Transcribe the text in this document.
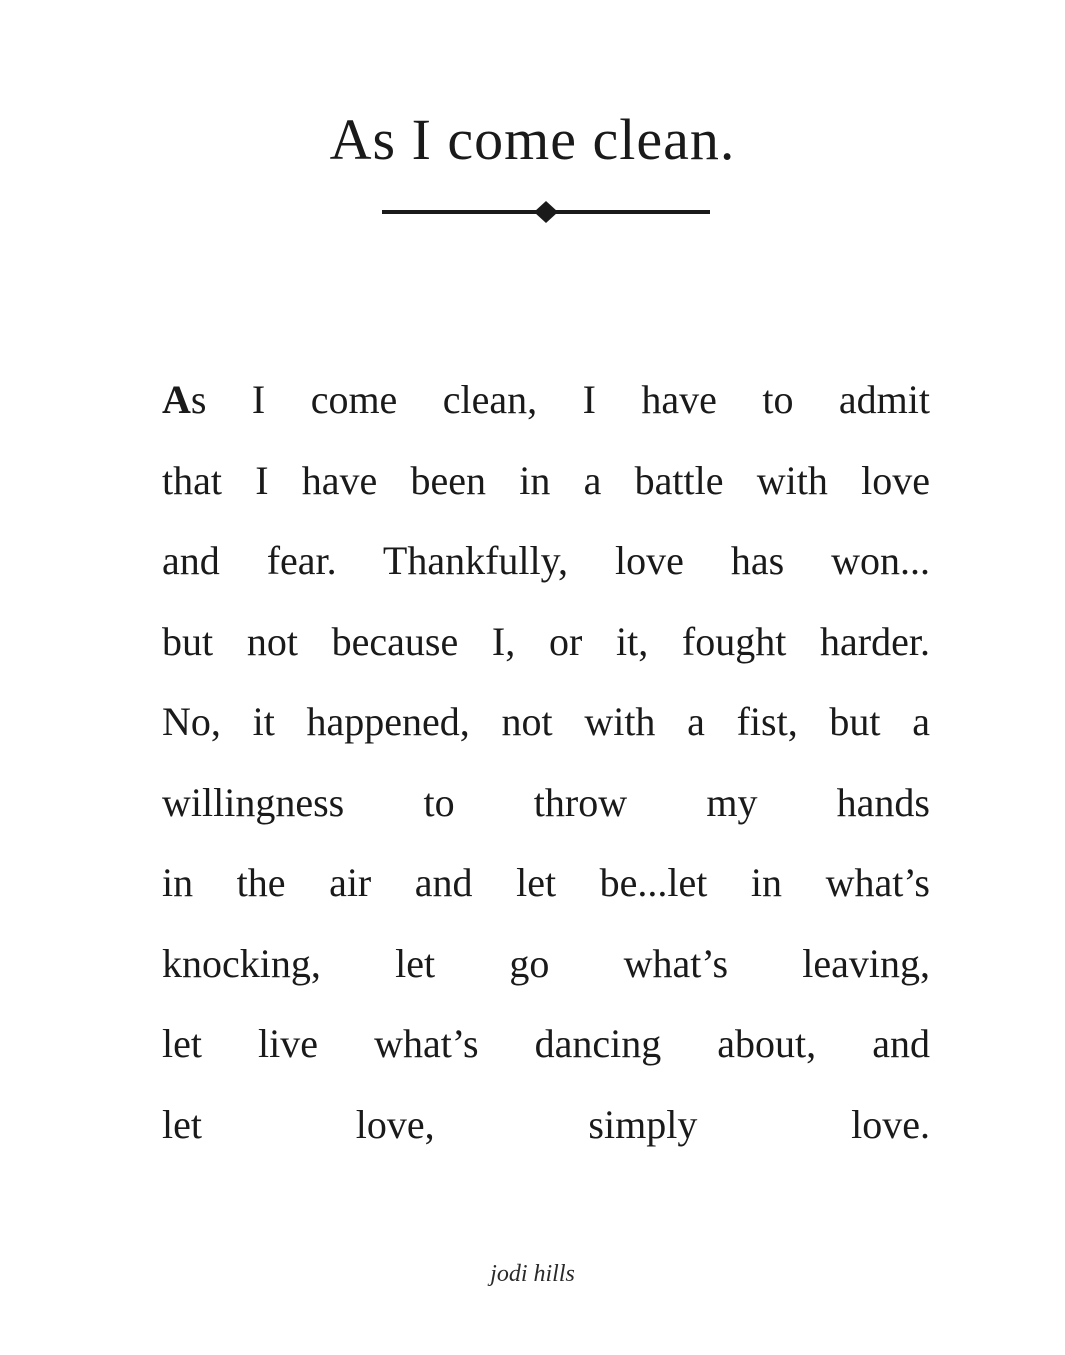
As I come clean.
As I come clean, I have to admit
that I have been in a battle with love
and fear. Thankfully, love has won...
but not because I, or it, fought harder.
No, it happened, not with a fist, but a
willingness to throw my hands
in the air and let be...let in what’s
knocking, let go what’s leaving,
let live what’s dancing about, and
let love, simply love.
jodi hills
